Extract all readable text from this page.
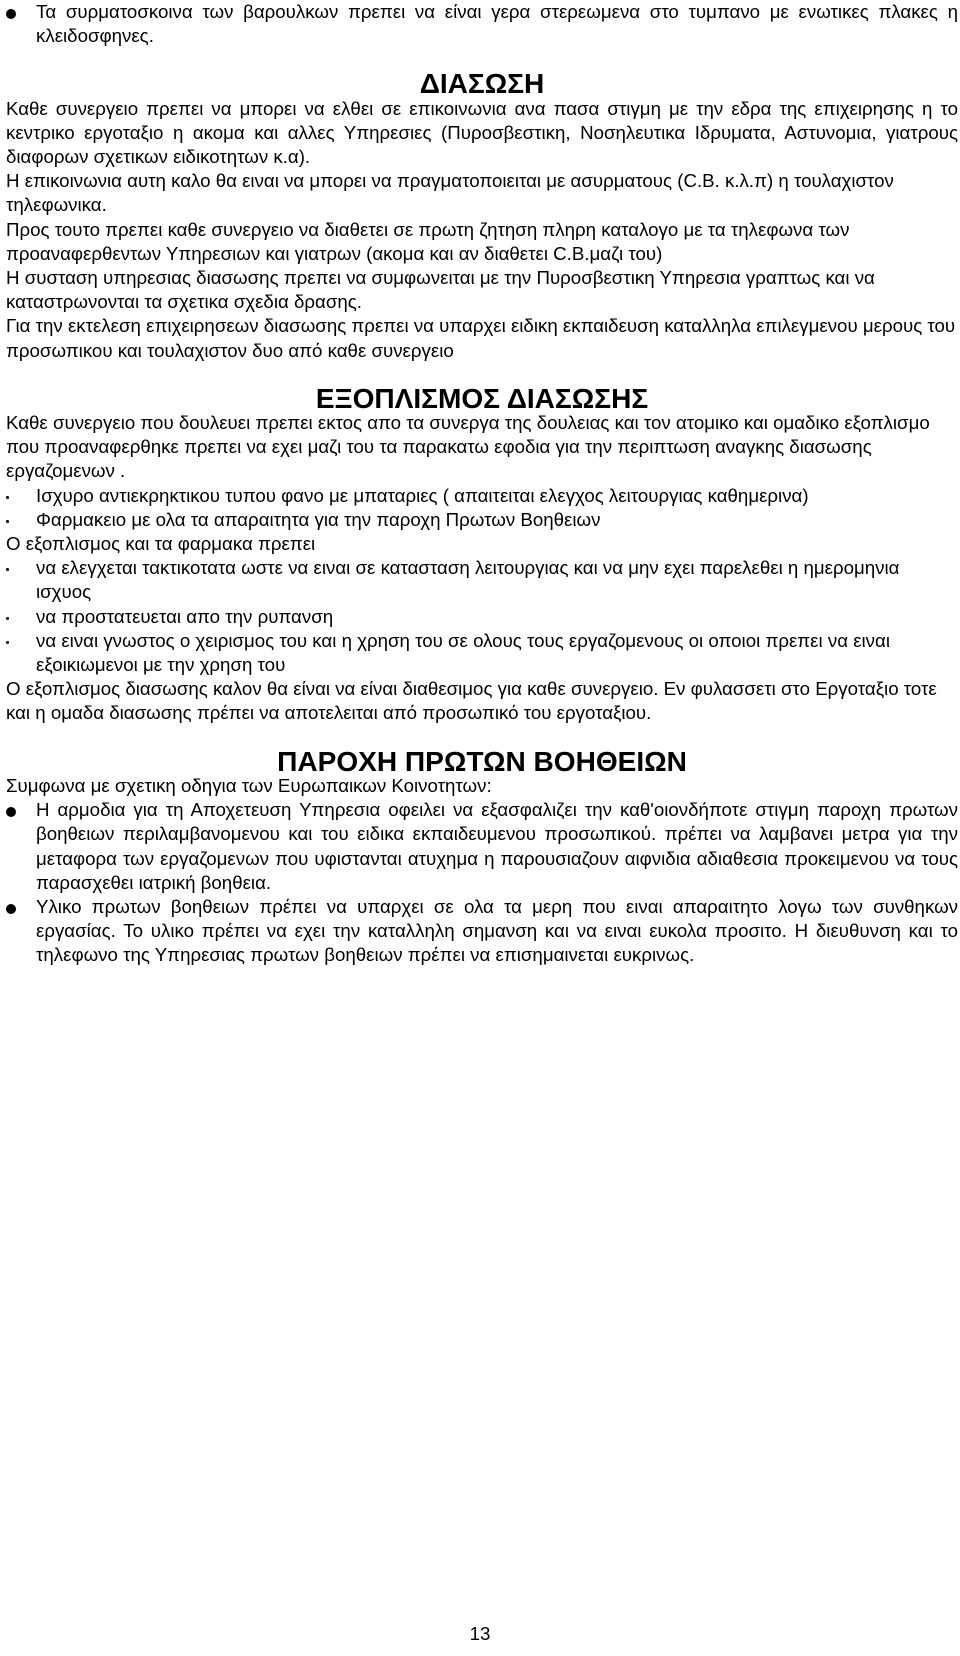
Τα συρματοσκοινα των βαρουλκων πρεπει να είναι γερα στερεωμενα στο τυμπανο με ενωτικες πλακες η κλειδοσφηνες.

ΔΙΑΣΩΣΗ

Καθε συνεργειο πρεπει να μπορει να ελθει σε επικοινωνια ανα πασα στιγμη με την εδρα της επιχειρησης η το κεντρικο εργοταξιο η ακομα και αλλες Υπηρεσιες (Πυροσβεστικη, Νοσηλευτικα Ιδρυματα, Αστυνομια, γιατρους διαφορων σχετικων ειδικοτητων κ.α).

Η επικοινωνια αυτη καλο θα ειναι να μπορει να πραγματοποιειται με ασυρματους (C.B. κ.λ.π) η τουλαχιστον τηλεφωνικα.

Προς τουτο πρεπει καθε συνεργειο να διαθετει σε πρωτη ζητηση πληρη καταλογο με τα τηλεφωνα των προαναφερθεντων Υπηρεσιων και γιατρων (ακομα και αν διαθετει C.B.μαζι του)

Η συσταση υπηρεσιας διασωσης πρεπει να συμφωνειται με την Πυροσβεστικη Υπηρεσια γραπτως και να καταστρωνονται τα σχετικα σχεδια δρασης.

Για την εκτελεση επιχειρησεων διασωσης πρεπει να υπαρχει ειδικη εκπαιδευση καταλληλα επιλεγμενου μερους του προσωπικου και τουλαχιστον δυο από καθε συνεργειο

ΕΞΟΠΛΙΣΜΟΣ ΔΙΑΣΩΣΗΣ

Καθε συνεργειο που δουλευει πρεπει εκτος απο τα συνεργα της δουλειας και τον ατομικο και ομαδικο εξοπλισμο που προαναφερθηκε πρεπει να εχει μαζι του τα παρακατω εφοδια για την περιπτωση αναγκης διασωσης εργαζομενων .

Ισχυρο αντιεκρηκτικου τυπου φανο με μπαταριες ( απαιτειται ελεγχος λειτουργιας καθημερινα)

Φαρμακειο με ολα τα απαραιτητα για την παροχη Πρωτων Βοηθειων

Ο εξοπλισμος και τα φαρμακα πρεπει

να ελεγχεται τακτικοτατα ωστε να ειναι σε κατασταση λειτουργιας και να μην εχει παρελεθει η ημερομηνια ισχυος

να προστατευεται απο την ρυπανση

να ειναι γνωστος ο χειρισμος του και η χρηση του σε ολους τους εργαζομενους οι οποιοι πρεπει να ειναι εξοικιωμενοι με την χρηση του

Ο εξοπλισμος διασωσης καλον θα είναι να είναι διαθεσιμος για καθε συνεργειο. Εν φυλασσετι στο Εργοταξιο τοτε και η ομαδα διασωσης πρέπει να αποτελειται από προσωπικό του εργοταξιου.

ΠΑΡΟΧΗ ΠΡΩΤΩΝ ΒΟΗΘΕΙΩΝ

Συμφωνα με σχετικη οδηγια των Ευρωπαικων Κοινοτητων:

Η αρμοδια για τη Αποχετευση Υπηρεσια οφειλει να εξασφαλιζει την καθ'οιονδήποτε στιγμη παροχη πρωτων βοηθειων περιλαμβανομενου και του ειδικα εκπαιδευμενου προσωπικού. πρέπει να λαμβανει μετρα για την μεταφορα των εργαζομενων που υφιστανται ατυχημα η παρουσιαζουν αιφνιδια αδιαθεσια προκειμενου να τους παρασχεθει ιατρική βοηθεια.

Υλικο πρωτων βοηθειων πρέπει να υπαρχει σε ολα τα μερη που ειναι απαραιτητο λογω των συνθηκων εργασίας. Το υλικο πρέπει να εχει την καταλληλη σημανση και να ειναι ευκολα προσιτο. Η διευθυνση και το τηλεφωνο της Υπηρεσιας πρωτων βοηθειων πρέπει να επισημαινεται ευκρινως.

13
